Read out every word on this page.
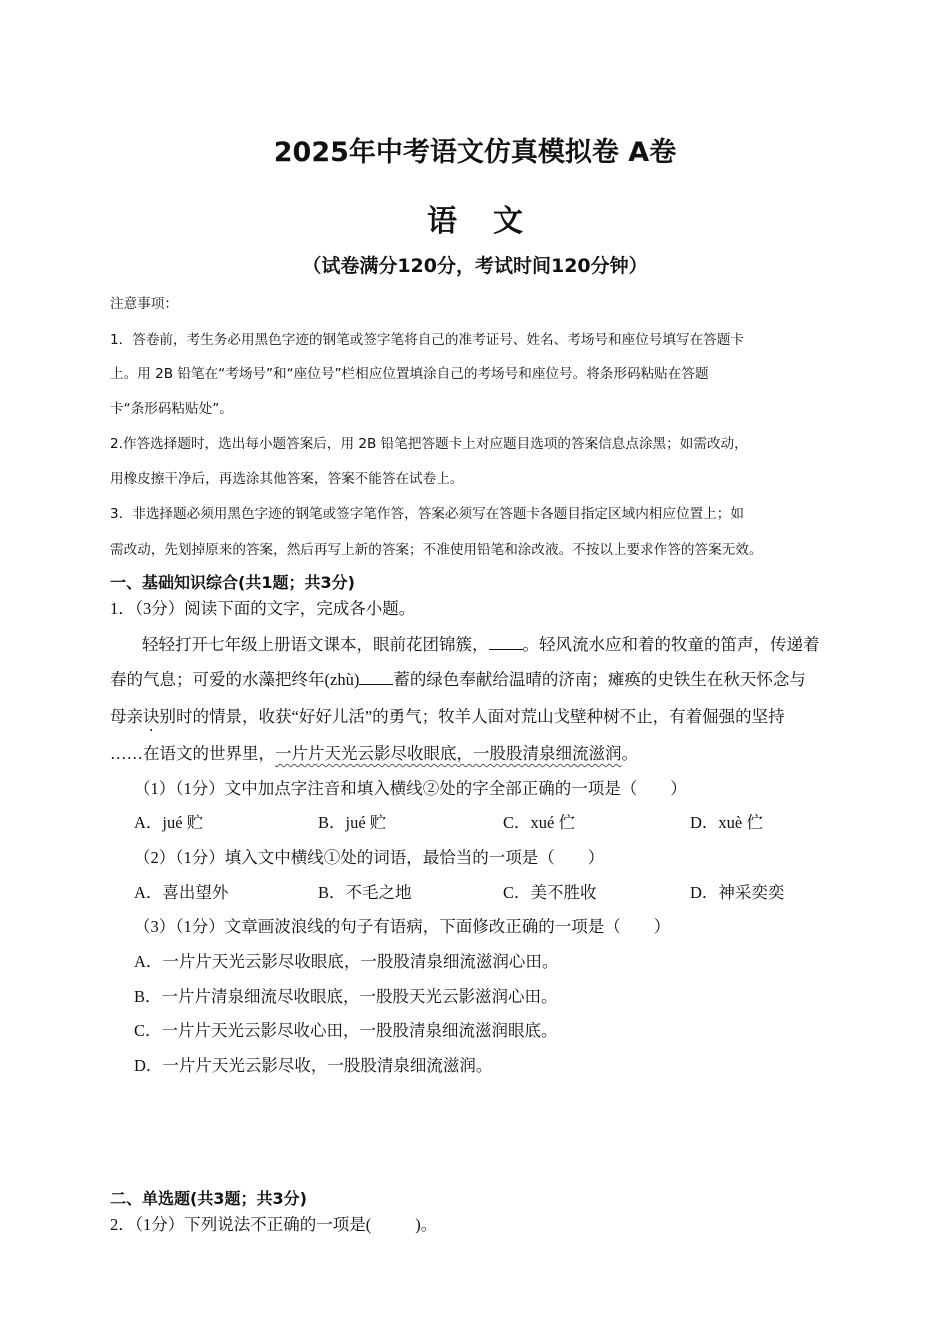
2025年中考语文仿真模拟卷 A卷
语文
（试卷满分120分，考试时间120分钟）
注意事项：
1．答卷前，考生务必用黑色字迹的钢笔或签字笔将自己的准考证号、姓名、考场号和座位号填写在答题卡
上。用 2B 铅笔在“考场号”和“座位号”栏相应位置填涂自己的考场号和座位号。将条形码粘贴在答题
卡“条形码粘贴处”。
2.作答选择题时，选出每小题答案后，用 2B 铅笔把答题卡上对应题目选项的答案信息点涂黑；如需改动，
用橡皮擦干净后，再选涂其他答案，答案不能答在试卷上。
3．非选择题必须用黑色字迹的钢笔或签字笔作答，答案必须写在答题卡各题目指定区域内相应位置上；如
需改动，先划掉原来的答案，然后再写上新的答案；不准使用铅笔和涂改液。不按以上要求作答的答案无效。
一、基础知识综合(共1题；共3分)
1．（3分）阅读下面的文字，完成各小题。
轻轻打开七年级上册语文课本，眼前花团锦簇， 。轻风流水应和着的牧童的笛声，传递着
春的气息；可爱的水藻把终年(zhù) 蓄的绿色奉献给温晴的济南；瘫痪的史铁生在秋天怀念与
母亲诀别时的情景，收获“好好儿活”的勇气；牧羊人面对荒山戈壁种树不止，有着倔强的坚持
……在语文的世界里，一片片天光云影尽收眼底，一股股清泉细流滋润。
（1）（1分）文中加点字注音和填入横线②处的字全部正确的一项是（　　）
A．jué 贮	B．jué 贮	C．xué 伫	D．xuè 伫
（2）（1分）填入文中横线①处的词语，最恰当的一项是（　　）
A．喜出望外	B．不毛之地	C．美不胜收	D．神采奕奕
（3）（1分）文章画波浪线的句子有语病，下面修改正确的一项是（　　）
A．一片片天光云影尽收眼底，一股股清泉细流滋润心田。
B．一片片清泉细流尽收眼底，一股股天光云影滋润心田。
C．一片片天光云影尽收心田，一股股清泉细流滋润眼底。
D．一片片天光云影尽收，一股股清泉细流滋润。
二、单选题(共3题；共3分)
2．（1分）下列说法不正确的一项是(	)。
